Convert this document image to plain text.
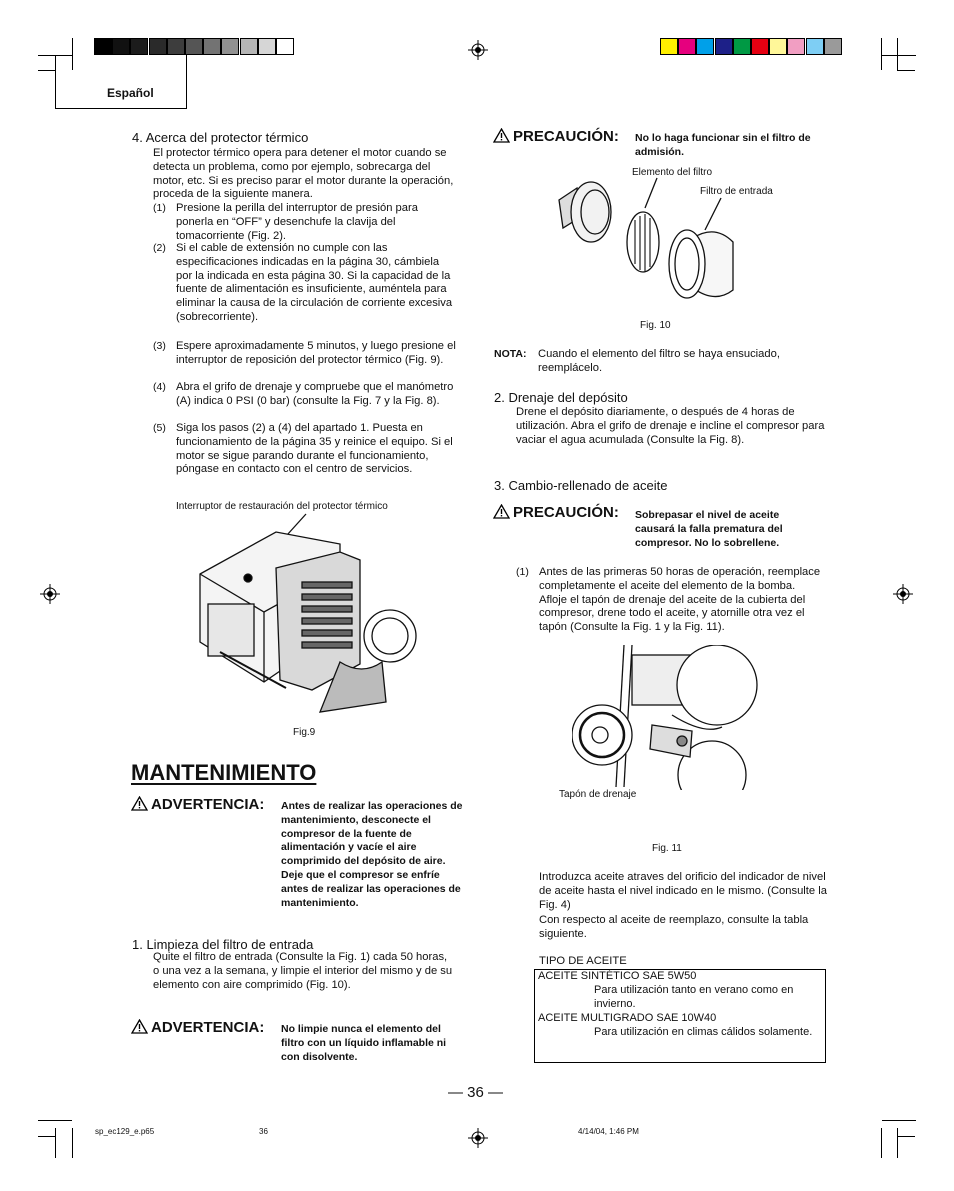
Español
4. Acerca del protector térmico
El protector térmico opera para detener el motor cuando se detecta un problema, como por ejemplo, sobrecarga del motor, etc. Si es preciso parar el motor durante la operación, proceda de la siguiente manera.
(1) Presione la perilla del interruptor de presión para ponerla en “OFF” y desenchufe la clavija del tomacorriente (Fig. 2).
(2) Si el cable de extensión no cumple con las especificaciones indicadas en la página 30, cámbiela por la indicada en esta página 30. Si la capacidad de la fuente de alimentación es insuficiente, auméntela para eliminar la causa de la circulación de corriente excesiva (sobrecorriente).
(3) Espere aproximadamente 5 minutos, y luego presione el interruptor de reposición del protector térmico (Fig. 9).
(4) Abra el grifo de drenaje y compruebe que el manómetro (A) indica 0 PSI (0 bar) (consulte la Fig. 7 y la Fig. 8).
(5) Siga los pasos (2) a (4) del apartado 1. Puesta en funcionamiento de la página 35 y reinice el equipo. Si el motor se sigue parando durante el funcionamiento, póngase en contacto con el centro de servicios.
Interruptor de restauración del protector térmico
Fig.9
MANTENIMIENTO
ADVERTENCIA: Antes de realizar las operaciones de mantenimiento, desconecte el compresor de la fuente de alimentación y vacíe el aire comprimido del depósito de aire.
Deje que el compresor se enfríe antes de realizar las operaciones de mantenimiento.
1. Limpieza del filtro de entrada
Quite el filtro de entrada (Consulte la Fig. 1) cada 50 horas, o una vez a la semana, y limpie el interior del mismo y de su elemento con aire comprimido (Fig. 10).
ADVERTENCIA: No limpie nunca el elemento del filtro con un líquido inflamable ni con disolvente.
PRECAUCIÓN: No lo haga funcionar sin el filtro de admisión.
Elemento del filtro
Filtro de entrada
Fig. 10
NOTA: Cuando el elemento del filtro se haya ensuciado, reemplácelo.
2. Drenaje del depósito
Drene el depósito diariamente, o después de 4 horas de utilización. Abra el grifo de drenaje e incline el compresor para vaciar el agua acumulada (Consulte la Fig. 8).
3. Cambio-rellenado de aceite
PRECAUCIÓN: Sobrepasar el nivel de aceite causará la falla prematura del compresor. No lo sobrellene.
(1) Antes de las primeras 50 horas de operación, reemplace completamente el aceite del elemento de la bomba. Afloje el tapón de drenaje del aceite de la cubierta del compresor, drene todo el aceite, y atornille otra vez el tapón (Consulte la Fig. 1 y la Fig. 11).
Tapón de drenaje
Fig. 11
Introduzca aceite atraves del orificio del indicador de nivel de aceite hasta el nivel indicado en le mismo. (Consulte la Fig. 4)
Con respecto al aceite de reemplazo, consulte la tabla siguiente.
TIPO DE ACEITE
ACEITE SINTÉTICO SAE 5W50	
	Para utilización tanto en verano como en invierno.
ACEITE MULTIGRADO SAE 10W40	
	Para utilización en climas cálidos solamente.
— 36 —
sp_ec129_e.p65	36	4/14/04, 1:46 PM
